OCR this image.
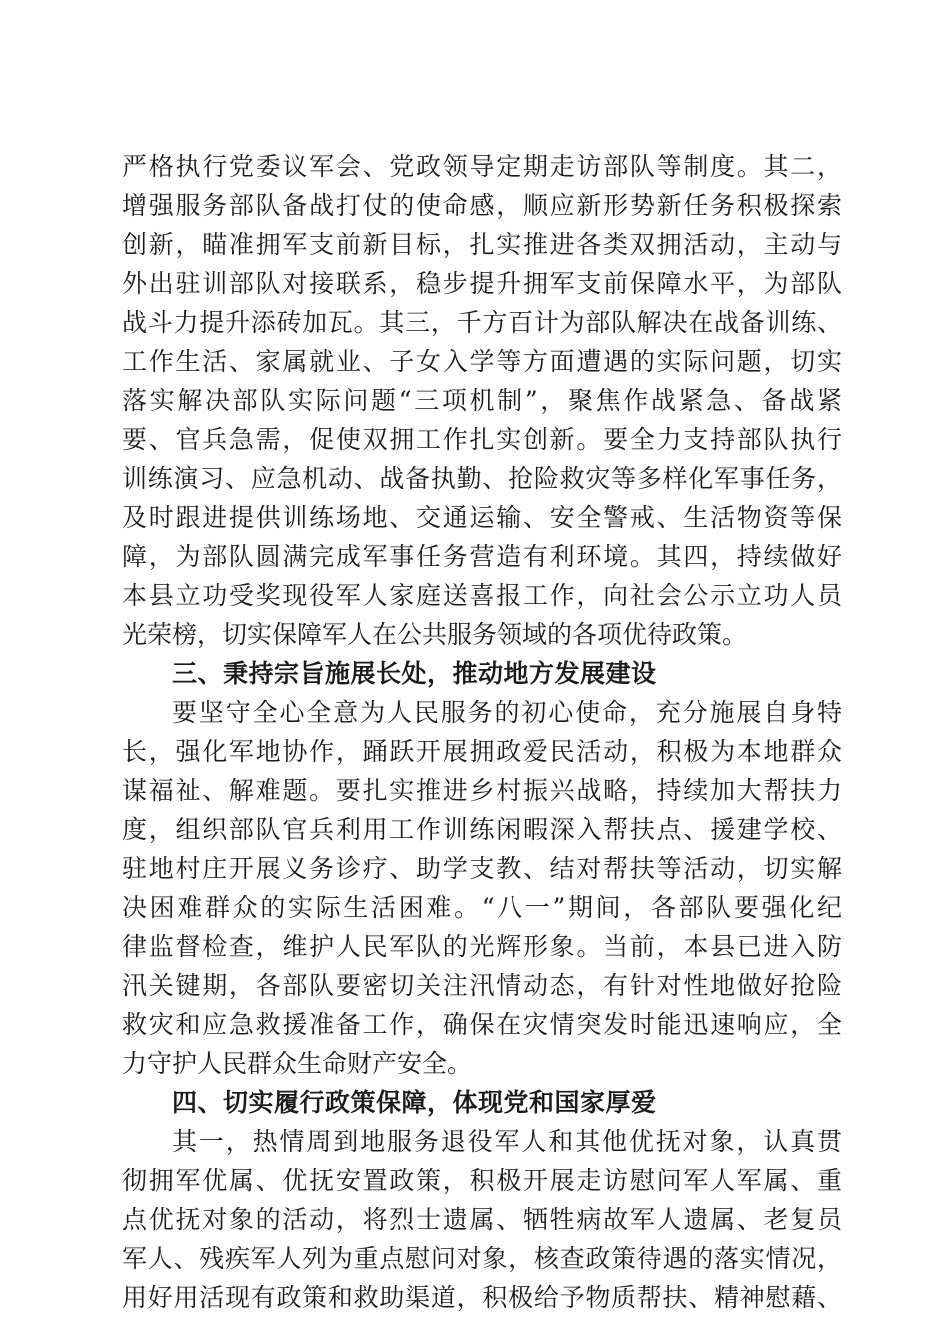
严格执行党委议军会、党政领导定期走访部队等制度。其二，
增强服务部队备战打仗的使命感，顺应新形势新任务积极探索
创新，瞄准拥军支前新目标，扎实推进各类双拥活动，主动与
外出驻训部队对接联系，稳步提升拥军支前保障水平，为部队
战斗力提升添砖加瓦。其三，千方百计为部队解决在战备训练、
工作生活、家属就业、子女入学等方面遭遇的实际问题，切实
落实解决部队实际问题“三项机制”，聚焦作战紧急、备战紧
要、官兵急需，促使双拥工作扎实创新。要全力支持部队执行
训练演习、应急机动、战备执勤、抢险救灾等多样化军事任务，
及时跟进提供训练场地、交通运输、安全警戒、生活物资等保
障，为部队圆满完成军事任务营造有利环境。其四，持续做好
本县立功受奖现役军人家庭送喜报工作，向社会公示立功人员
光荣榜，切实保障军人在公共服务领域的各项优待政策。
三、秉持宗旨施展长处，推动地方发展建设
要坚守全心全意为人民服务的初心使命，充分施展自身特
长，强化军地协作，踊跃开展拥政爱民活动，积极为本地群众
谋福祉、解难题。要扎实推进乡村振兴战略，持续加大帮扶力
度，组织部队官兵利用工作训练闲暇深入帮扶点、援建学校、
驻地村庄开展义务诊疗、助学支教、结对帮扶等活动，切实解
决困难群众的实际生活困难。“八一”期间，各部队要强化纪
律监督检查，维护人民军队的光辉形象。当前，本县已进入防
汛关键期，各部队要密切关注汛情动态，有针对性地做好抢险
救灾和应急救援准备工作，确保在灾情突发时能迅速响应，全
力守护人民群众生命财产安全。
四、切实履行政策保障，体现党和国家厚爱
其一，热情周到地服务退役军人和其他优抚对象，认真贯
彻拥军优属、优抚安置政策，积极开展走访慰问军人军属、重
点优抚对象的活动，将烈士遗属、牺牲病故军人遗属、老复员
军人、残疾军人列为重点慰问对象，核查政策待遇的落实情况，
用好用活现有政策和救助渠道，积极给予物质帮扶、精神慰藉、
